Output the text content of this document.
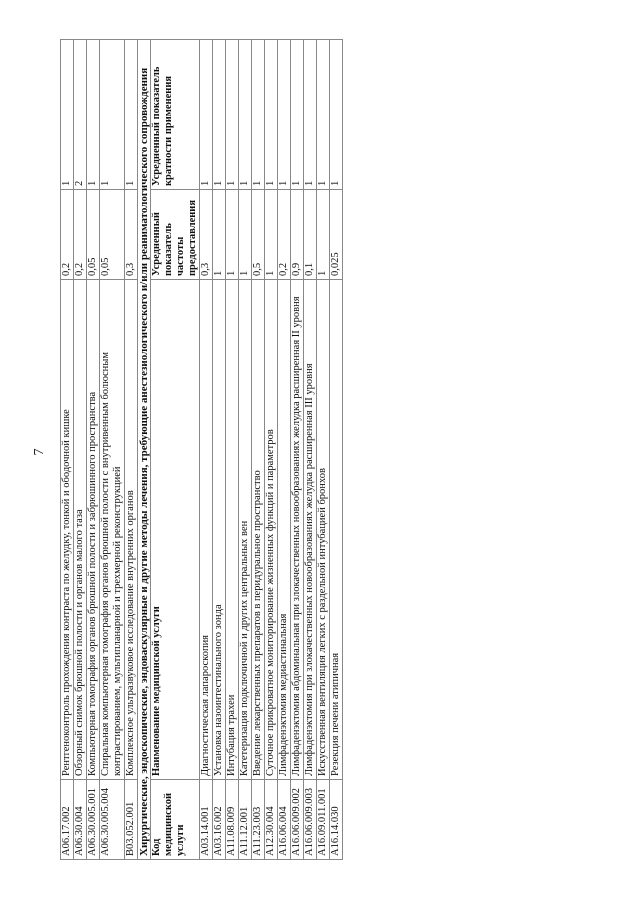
7
A06.17.002	Рентгеноконтроль прохождения контраста по желудку, тонкой и ободочной кишке	0,2	1
A06.30.004	Обзорный снимок брюшной полости и органов малого таза	0,2	2
A06.30.005.001	Компьютерная томография органов брюшной полости и забрюшинного пространства	0,05	1
A06.30.005.004	Спиральная компьютерная томография органов брюшной полости с внутривенным болюсным контрастированием, мультипланарной и трехмерной реконструкцией	0,05	1
B03.052.001	Комплексное ультразвуковое исследование внутренних органов	0,3	1
Хирургические, эндоскопические, эндоваскулярные и другие методы лечения, требующие анестезиологического и/или реаниматологического сопровождения			
Код медицинской услуги	Наименование медицинской услуги	Усредненный показатель частоты предоставления	Усредненный показатель кратности применения
A03.14.001	Диагностическая лапароскопия	0,3	1
A03.16.002	Установка назоинтестинального зонда	1	1
A11.08.009	Интубация трахеи	1	1
A11.12.001	Катетеризация подключичной и других центральных вен	1	1
A11.23.003	Введение лекарственных препаратов в перидуральное пространство	0,5	1
A12.30.004	Суточное прикроватное мониторирование жизненных функций и параметров	1	1
A16.06.004	Лимфаденэктомия медиастинальная	0,2	1
A16.06.009.002	Лимфаденэктомия абдоминальная при злокачественных новообразованиях желудка расширенная II уровня	0,9	1
A16.06.009.003	Лимфаденэктомия при злокачественных новообразованиях желудка расширенная III уровня	0,1	1
A16.09.011.001	Искусственная вентиляция легких с раздельной интубацией бронхов	1	1
A16.14.030	Резекция печени атипичная	0,025	1
